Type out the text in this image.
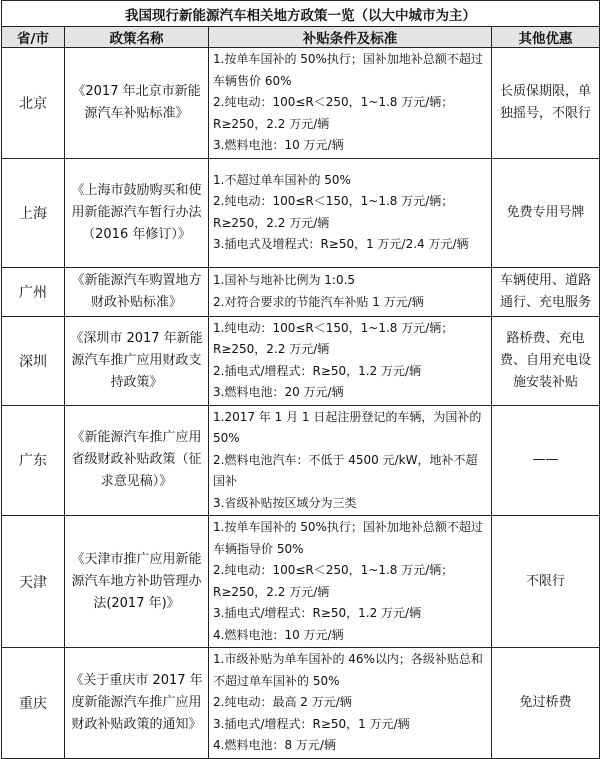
我国现行新能源汽车相关地方政策一览（以大中城市为主）			
省/市	政策名称	补贴条件及标准	其他优惠
北京	《2017 年北京市新能源汽车补贴标准》	1.按单车国补的 50%执行；国补加地补总额不超过车辆售价 60%
2.纯电动：100≤R＜250，1~1.8 万元/辆；R≥250，2.2 万元/辆
3.燃料电池：10 万元/辆	长质保期限，单独摇号，不限行
上海	《上海市鼓励购买和使用新能源汽车暂行办法（2016 年修订）》	1.不超过单车国补的 50%
2.纯电动：100≤R＜150，1~1.8 万元/辆；R≥250，2.2 万元/辆
3.插电式及增程式：R≥50，1 万元/2.4 万元/辆	免费专用号牌
广州	《新能源汽车购置地方财政补贴标准》	1.国补与地补比例为 1:0.5
2.对符合要求的节能汽车补贴 1 万元/辆	车辆使用、道路通行、充电服务
深圳	《深圳市 2017 年新能源汽车推广应用财政支持政策》	1.纯电动：100≤R＜150，1~1.8 万元/辆；R≥250，2.2 万元/辆
2.插电式/增程式：R≥50，1.2 万元/辆
3.燃料电池：20 万元/辆	路桥费、充电费、自用充电设施安装补贴
广东	《新能源汽车推广应用省级财政补贴政策（征求意见稿）》	1.2017 年 1 月 1 日起注册登记的车辆，为国补的 50%
2.燃料电池汽车：不低于 4500 元/kW，地补不超国补
3.省级补贴按区域分为三类	——
天津	《天津市推广应用新能源汽车地方补助管理办法(2017 年)》	1.按单车国补的 50%执行；国补加地补总额不超过车辆指导价 50%
2.纯电动：100≤R＜250，1~1.8 万元/辆；R≥250，2.2 万元/辆
3.插电式/增程式：R≥50，1.2 万元/辆
4.燃料电池：10 万元/辆	不限行
重庆	《关于重庆市 2017 年度新能源汽车推广应用财政补贴政策的通知》	1.市级补贴为单车国补的 46%以内；各级补贴总和不超过单车国补的 50%
2.纯电动：最高 2 万元/辆
3.插电式/增程式：R≥50，1 万元/辆
4.燃料电池：8 万元/辆	免过桥费
